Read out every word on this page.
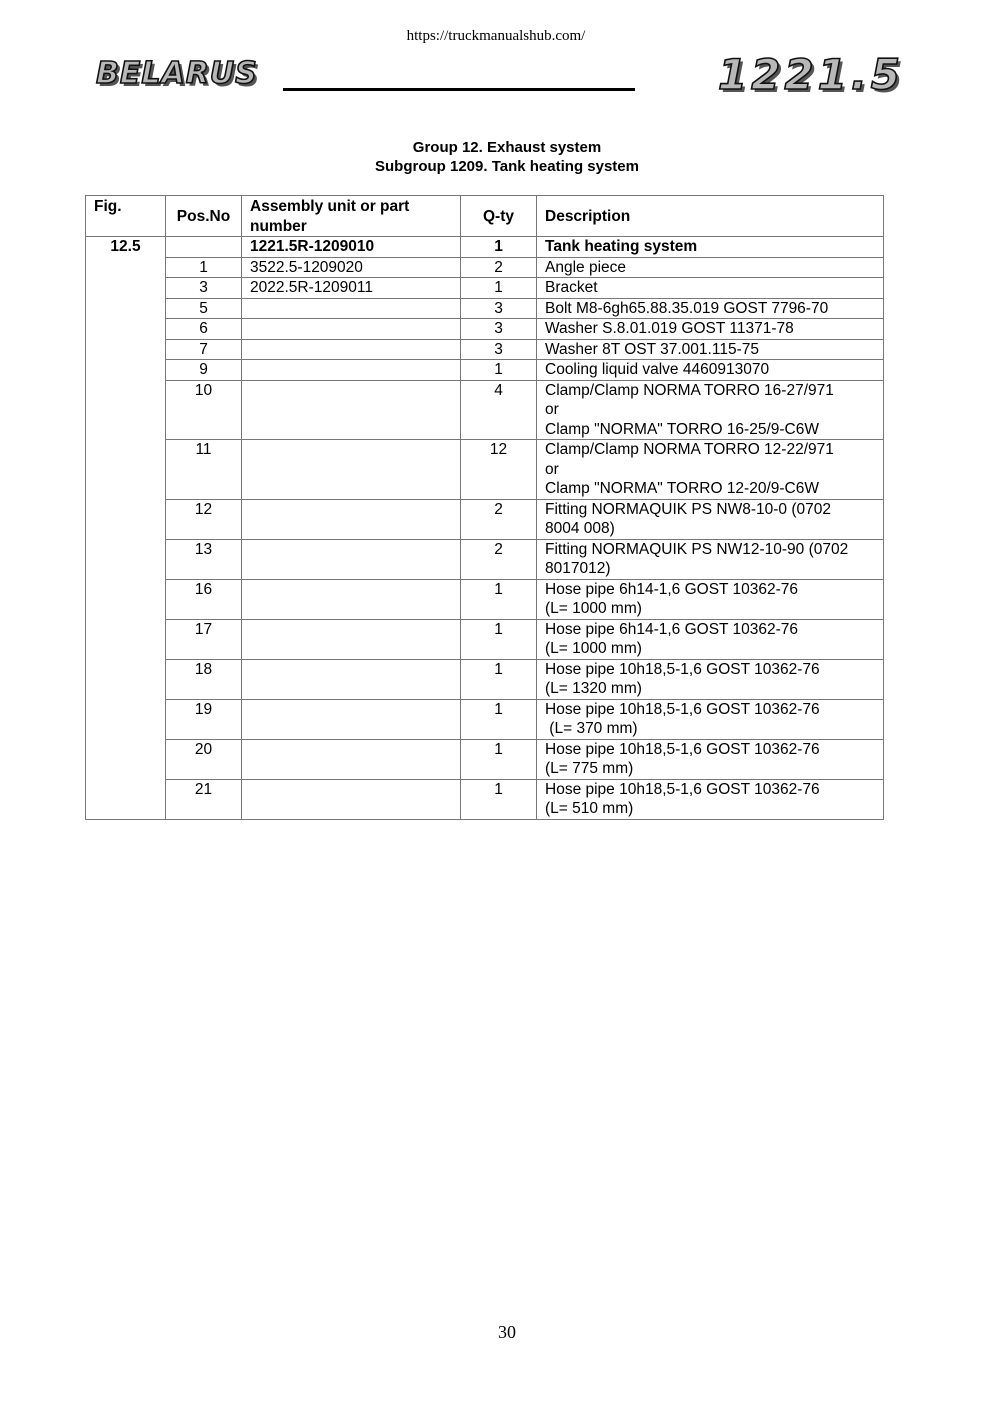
https://truckmanualshub.com/
BELARUS	1221.5
Group 12. Exhaust system
Subgroup 1209. Tank heating system
Fig.	Pos.No	Assembly unit or part number	Q-ty	Description
12.5		1221.5R-1209010	1	Tank heating system
	1	3522.5-1209020	2	Angle piece

	3	2022.5R-1209011	1	Bracket

	5		3	Bolt M8-6gh65.88.35.019 GOST 7796-70

	6		3	Washer S.8.01.019 GOST 11371-78

	7		3	Washer 8T OST 37.001.115-75

	9		1	Cooling liquid valve 4460913070

	10		4	Clamp/Clamp NORMA TORRO 16-27/971
or
Clamp "NORMA" TORRO 16-25/9-C6W

	11		12	Clamp/Clamp NORMA TORRO 12-22/971
or
Clamp "NORMA" TORRO 12-20/9-C6W

	12		2	Fitting NORMAQUIK PS NW8-10-0 (0702
8004 008)

	13		2	Fitting NORMAQUIK PS NW12-10-90 (0702
8017012)

	16		1	Hose pipe 6h14-1,6 GOST 10362-76
(L= 1000 mm)

	17		1	Hose pipe 6h14-1,6 GOST 10362-76
(L= 1000 mm)

	18		1	Hose pipe 10h18,5-1,6 GOST 10362-76
(L= 1320 mm)

	19		1	Hose pipe 10h18,5-1,6 GOST 10362-76
(L= 370 mm)

	20		1	Hose pipe 10h18,5-1,6 GOST 10362-76
(L= 775 mm)

	21		1	Hose pipe 10h18,5-1,6 GOST 10362-76
(L= 510 mm)
30
